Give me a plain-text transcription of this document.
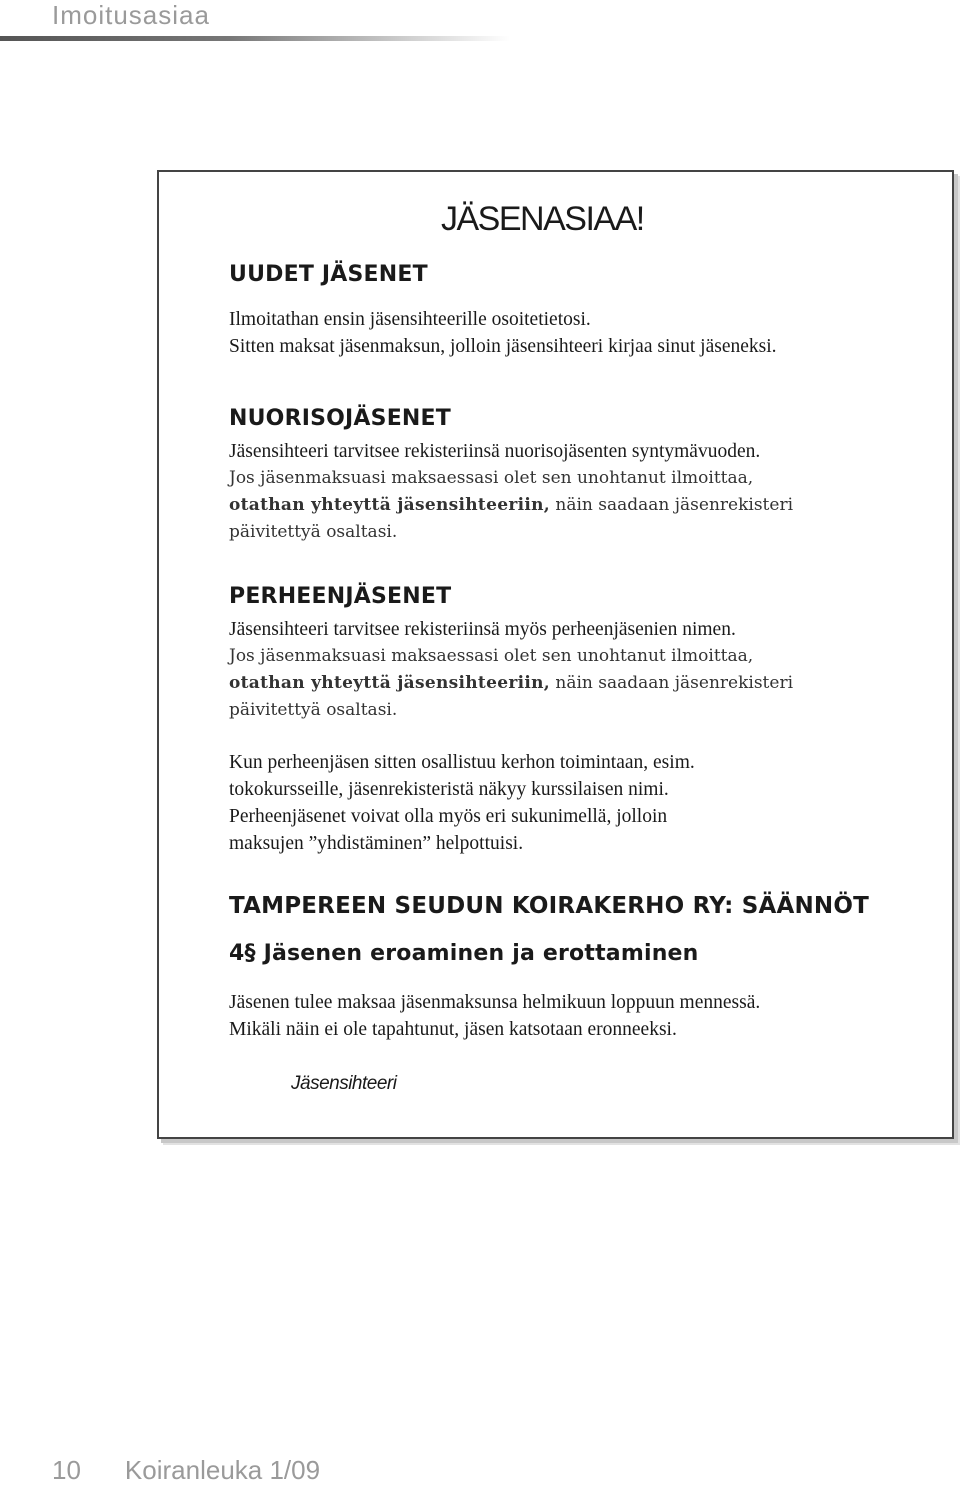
Imoitusasiaa
JÄSENASIAA!
UUDET JÄSENET

Ilmoitathan ensin jäsensihteerille osoitetietosi.

Sitten maksat jäsenmaksun, jolloin jäsensihteeri kirjaa sinut jäseneksi.

NUORISOJÄSENET

Jäsensihteeri tarvitsee rekisteriinsä nuorisojäsenten syntymävuoden.

Jos jäsenmaksuasi maksaessasi olet sen unohtanut ilmoittaa,

otathan yhteyttä jäsensihteeriin, näin saadaan jäsenrekisteri

päivitettyä osaltasi.

PERHEENJÄSENET

Jäsensihteeri tarvitsee rekisteriinsä myös perheenjäsenien nimen.

Jos jäsenmaksuasi maksaessasi olet sen unohtanut ilmoittaa,

otathan yhteyttä jäsensihteeriin, näin saadaan jäsenrekisteri

päivitettyä osaltasi.

Kun perheenjäsen sitten osallistuu kerhon toimintaan, esim.

tokokursseille, jäsenrekisteristä näkyy kurssilaisen nimi.

Perheenjäsenet voivat olla myös eri sukunimellä, jolloin

maksujen ”yhdistäminen” helpottuisi.

TAMPEREEN SEUDUN KOIRAKERHO RY: SÄÄNNÖT
4§ Jäsenen eroaminen ja erottaminen

Jäsenen tulee maksaa jäsenmaksunsa helmikuun loppuun mennessä.

Mikäli näin ei ole tapahtunut, jäsen katsotaan eronneeksi.

Jäsensihteeri
10 Koiranleuka 1/09
